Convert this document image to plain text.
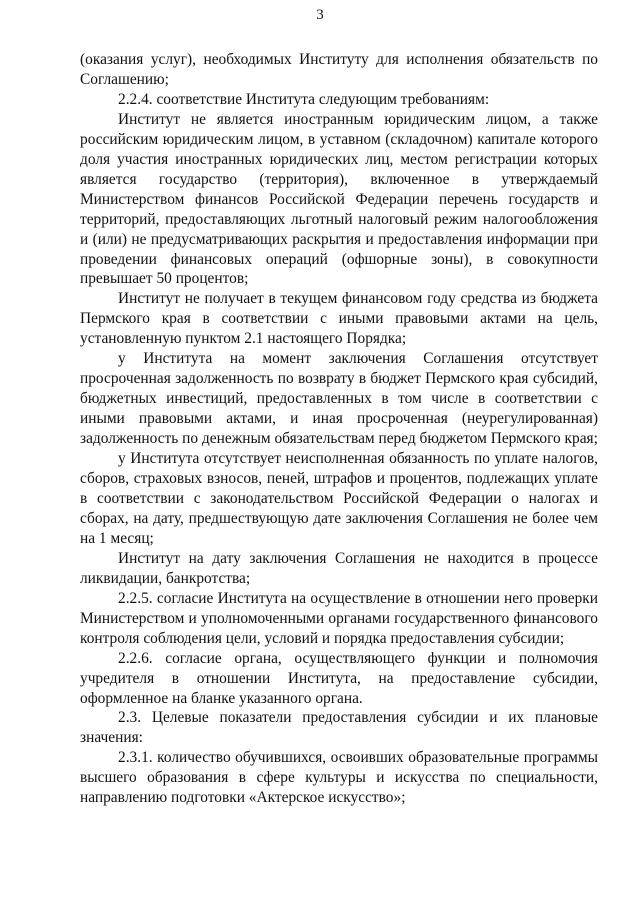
3

(оказания услуг), необходимых Институту для исполнения обязательств по Соглашению;

2.2.4. соответствие Института следующим требованиям:

Институт не является иностранным юридическим лицом, а также российским юридическим лицом, в уставном (складочном) капитале которого доля участия иностранных юридических лиц, местом регистрации которых является государство (территория), включенное в утверждаемый Министерством финансов Российской Федерации перечень государств и территорий, предоставляющих льготный налоговый режим налогообложения и (или) не предусматривающих раскрытия и предоставления информации при проведении финансовых операций (офшорные зоны), в совокупности превышает 50 процентов;

Институт не получает в текущем финансовом году средства из бюджета Пермского края в соответствии с иными правовыми актами на цель, установленную пунктом 2.1 настоящего Порядка;

у Института на момент заключения Соглашения отсутствует просроченная задолженность по возврату в бюджет Пермского края субсидий, бюджетных инвестиций, предоставленных в том числе в соответствии с иными правовыми актами, и иная просроченная (неурегулированная) задолженность по денежным обязательствам перед бюджетом Пермского края;

у Института отсутствует неисполненная обязанность по уплате налогов, сборов, страховых взносов, пеней, штрафов и процентов, подлежащих уплате в соответствии с законодательством Российской Федерации о налогах и сборах, на дату, предшествующую дате заключения Соглашения не более чем на 1 месяц;

Институт на дату заключения Соглашения не находится в процессе ликвидации, банкротства;

2.2.5. согласие Института на осуществление в отношении него проверки Министерством и уполномоченными органами государственного финансового контроля соблюдения цели, условий и порядка предоставления субсидии;

2.2.6. согласие органа, осуществляющего функции и полномочия учредителя в отношении Института, на предоставление субсидии, оформленное на бланке указанного органа.

2.3. Целевые показатели предоставления субсидии и их плановые значения:

2.3.1. количество обучившихся, освоивших образовательные программы высшего образования в сфере культуры и искусства по специальности, направлению подготовки «Актерское искусство»;
